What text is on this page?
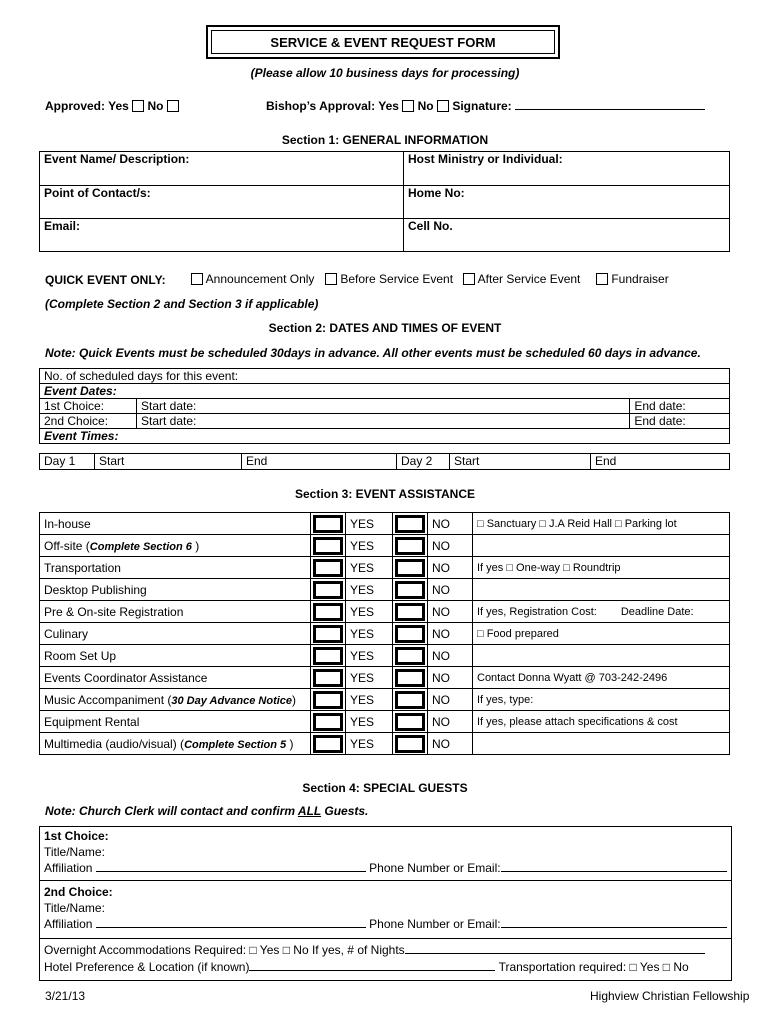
SERVICE & EVENT REQUEST FORM
(Please allow 10 business days for processing)
Approved: Yes No	Bishop’s Approval: Yes No Signature:
Section 1: GENERAL INFORMATION
Event Name/ Description:	Host Ministry or Individual:
Point of Contact/s:	Home No:
Email:	Cell No.
QUICK EVENT ONLY:	Announcement Only	Before Service Event	After Service Event	Fundraiser
(Complete Section 2 and Section 3 if applicable)
Section 2: DATES AND TIMES OF EVENT
Note: Quick Events must be scheduled 30days in advance. All other events must be scheduled 60 days in advance.
No. of scheduled days for this event:		
Event Dates:		
1st Choice:	Start date:	End date:
2nd Choice:	Start date:	End date:
Event Times:		
Day 1	Start	End	Day 2	Start	End
Section 3: EVENT ASSISTANCE
In-house		YES		NO	□ Sanctuary □ J.A Reid Hall □ Parking lot
Off-site (Complete Section 6 )		YES		NO	
Transportation		YES		NO	If yes □ One-way □ Roundtrip
Desktop Publishing		YES		NO	
Pre & On-site Registration		YES		NO	If yes, Registration Cost: Deadline Date:
Culinary		YES		NO	□ Food prepared
Room Set Up		YES		NO	
Events Coordinator Assistance		YES		NO	Contact Donna Wyatt @ 703-242-2496
Music Accompaniment (30 Day Advance Notice)		YES		NO	If yes, type:
Equipment Rental		YES		NO	If yes, please attach specifications & cost
Multimedia (audio/visual) (Complete Section 5 )		YES		NO	
Section 4: SPECIAL GUESTS
Note: Church Clerk will contact and confirm ALL Guests.
1st Choice:
Title/Name:
Affiliation	Phone Number or Email:

2nd Choice:
Title/Name:
Affiliation	Phone Number or Email:

Overnight Accommodations Required: □ Yes □ No If yes, # of Nights
Hotel Preference & Location (if known)	Transportation required: □ Yes □ No
3/21/13	Highview Christian Fellowship
